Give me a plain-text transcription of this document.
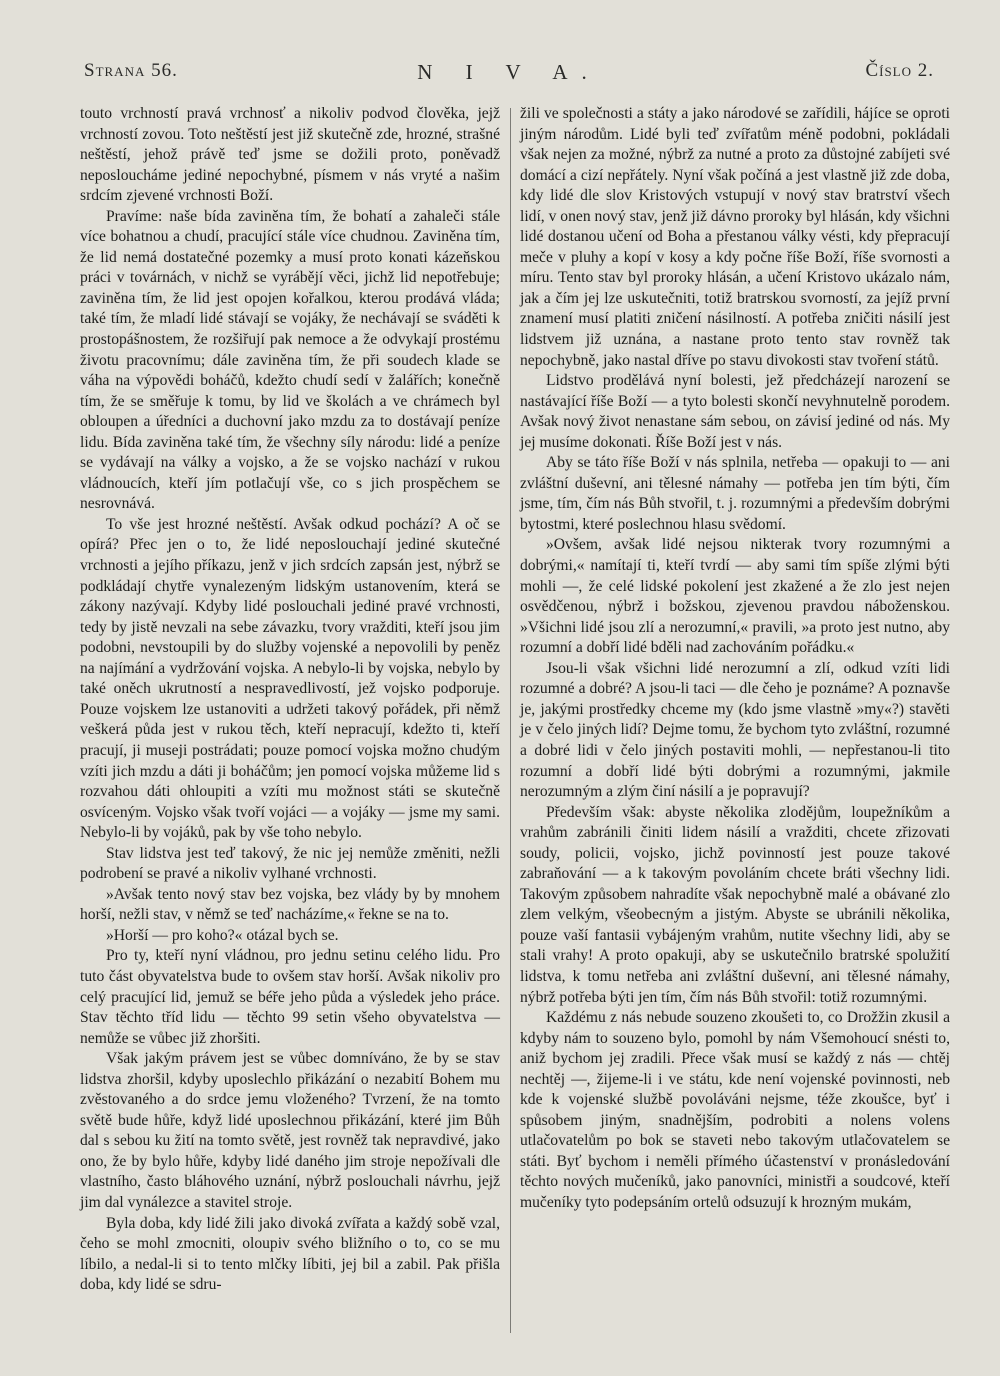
Strana 56.	N I V A.	Číslo 2.

touto vrchností pravá vrchnosť a nikoliv podvod člověka, jejž vrchností zovou. Toto neštěstí jest již skutečně zde, hrozné, strašné neštěstí, jehož právě teď jsme se dožili proto, poněvadž neposloucháme jediné nepochybné, písmem v nás vryté a našim srdcím zjevené vrchnosti Boží.

Pravíme: naše bída zaviněna tím, že bohatí a zahaleči stále více bohatnou a chudí, pracující stále více chudnou. Zaviněna tím, že lid nemá dostatečné pozemky a musí proto konati kázeňskou práci v továrnách, v nichž se vyrábějí věci, jichž lid nepotřebuje; zaviněna tím, že lid jest opojen kořalkou, kterou prodává vláda; také tím, že mladí lidé stávají se vojáky, že nechávají se sváděti k prostopášnostem, že rozšiřují pak nemoce a že odvykají prostému životu pracovnímu; dále zaviněna tím, že při soudech klade se váha na výpovědi boháčů, kdežto chudí sedí v žalářích; konečně tím, že se směřuje k tomu, by lid ve školách a ve chrámech byl obloupen a úředníci a duchovní jako mzdu za to dostávají peníze lidu. Bída zaviněna také tím, že všechny síly národu: lidé a peníze se vydávají na války a vojsko, a že se vojsko nachází v rukou vládnoucích, kteří jím potlačují vše, co s jich prospěchem se nesrovnává.

To vše jest hrozné neštěstí. Avšak odkud pochází? A oč se opírá? Přec jen o to, že lidé neposlouchají jediné skutečné vrchnosti a jejího příkazu, jenž v jich srdcích zapsán jest, nýbrž se podkládají chytře vynalezeným lidským ustanovením, která se zákony nazývají. Kdyby lidé poslouchali jediné pravé vrchnosti, tedy by jistě nevzali na sebe závazku, tvory vražditi, kteří jsou jim podobni, nevstoupili by do služby vojenské a nepovolili by peněz na najímání a vydržování vojska. A nebylo-li by vojska, nebylo by také oněch ukrutností a nespravedlivostí, jež vojsko podporuje. Pouze vojskem lze ustanoviti a udržeti takový pořádek, při němž veškerá půda jest v rukou těch, kteří nepracují, kdežto ti, kteří pracují, ji museji postrádati; pouze pomocí vojska možno chudým vzíti jich mzdu a dáti ji boháčům; jen pomocí vojska můžeme lid s rozvahou dáti ohloupiti a vzíti mu možnost státi se skutečně osvíceným. Vojsko však tvoří vojáci — a vojáky — jsme my sami. Nebylo-li by vojáků, pak by vše toho nebylo.

Stav lidstva jest teď takový, že nic jej nemůže změniti, nežli podrobení se pravé a nikoliv vylhané vrchnosti.

»Avšak tento nový stav bez vojska, bez vlády by by mnohem horší, nežli stav, v němž se teď nacházíme,« řekne se na to.

»Horší — pro koho?« otázal bych se.

Pro ty, kteří nyní vládnou, pro jednu setinu celého lidu. Pro tuto část obyvatelstva bude to ovšem stav horší. Avšak nikoliv pro celý pracující lid, jemuž se béře jeho půda a výsledek jeho práce. Stav těchto tříd lidu — těchto 99 setin všeho obyvatelstva — nemůže se vůbec již zhoršiti.

Však jakým právem jest se vůbec domníváno, že by se stav lidstva zhoršil, kdyby uposlechlo přikázání o nezabití Bohem mu zvěstovaného a do srdce jemu vloženého? Tvrzení, že na tomto světě bude hůře, když lidé uposlechnou přikázání, které jim Bůh dal s sebou ku žití na tomto světě, jest rovněž tak nepravdivé, jako ono, že by bylo hůře, kdyby lidé daného jim stroje nepožívali dle vlastního, často bláhového uznání, nýbrž poslouchali návrhu, jejž jim dal vynálezce a stavitel stroje.

Byla doba, kdy lidé žili jako divoká zvířata a každý sobě vzal, čeho se mohl zmocniti, oloupiv svého bližního o to, co se mu líbilo, a nedal-li si to tento mlčky líbiti, jej bil a zabil. Pak přišla doba, kdy lidé se sdru-

žili ve společnosti a státy a jako národové se zařídili, hájíce se oproti jiným národům. Lidé byli teď zvířatům méně podobni, pokládali však nejen za možné, nýbrž za nutné a proto za důstojné zabíjeti své domácí a cizí nepřátely. Nyní však počíná a jest vlastně již zde doba, kdy lidé dle slov Kristových vstupují v nový stav bratrství všech lidí, v onen nový stav, jenž již dávno proroky byl hlásán, kdy všichni lidé dostanou učení od Boha a přestanou války vésti, kdy přepracují meče v pluhy a kopí v kosy a kdy počne říše Boží, říše svornosti a míru. Tento stav byl proroky hlásán, a učení Kristovo ukázalo nám, jak a čím jej lze uskutečniti, totiž bratrskou svorností, za jejíž první znamení musí platiti zničení násilností. A potřeba zničiti násilí jest lidstvem již uznána, a nastane proto tento stav rovněž tak nepochybně, jako nastal dříve po stavu divokosti stav tvoření států.

Lidstvo prodělává nyní bolesti, jež předcházejí narození se nastávající říše Boží — a tyto bolesti skončí nevyhnutelně porodem. Avšak nový život nenastane sám sebou, on závisí jediné od nás. My jej musíme dokonati. Říše Boží jest v nás.

Aby se táto říše Boží v nás splnila, netřeba — opakuji to — ani zvláštní duševní, ani tělesné námahy — potřeba jen tím býti, čím jsme, tím, čím nás Bůh stvořil, t. j. rozumnými a především dobrými bytostmi, které poslechnou hlasu svědomí.

»Ovšem, avšak lidé nejsou nikterak tvory rozumnými a dobrými,« namítají ti, kteří tvrdí — aby sami tím spíše zlými býti mohli —, že celé lidské pokolení jest zkažené a že zlo jest nejen osvědčenou, nýbrž i božskou, zjevenou pravdou náboženskou. »Všichni lidé jsou zlí a nerozumní,« pravili, »a proto jest nutno, aby rozumní a dobří lidé bděli nad zachováním pořádku.«

Jsou-li však všichni lidé nerozumní a zlí, odkud vzíti lidi rozumné a dobré? A jsou-li taci — dle čeho je poznáme? A poznavše je, jakými prostředky chceme my (kdo jsme vlastně »my«?) stavěti je v čelo jiných lidí? Dejme tomu, že bychom tyto zvláštní, rozumné a dobré lidi v čelo jiných postaviti mohli, — nepřestanou-li tito rozumní a dobří lidé býti dobrými a rozumnými, jakmile nerozumným a zlým činí násilí a je popravují?

Především však: abyste několika zlodějům, loupežníkům a vrahům zabránili činiti lidem násilí a vražditi, chcete zřizovati soudy, policii, vojsko, jichž povinností jest pouze takové zabraňování — a k takovým povoláním chcete bráti všechny lidi. Takovým způsobem nahradíte však nepochybně malé a obávané zlo zlem velkým, všeobecným a jistým. Abyste se ubránili několika, pouze vaší fantasii vybájeným vrahům, nutite všechny lidi, aby se stali vrahy! A proto opakuji, aby se uskutečnilo bratrské spolužití lidstva, k tomu netřeba ani zvláštní duševní, ani tělesné námahy, nýbrž potřeba býti jen tím, čím nás Bůh stvořil: totiž rozumnými.

Každému z nás nebude souzeno zkoušeti to, co Drožžin zkusil a kdyby nám to souzeno bylo, pomohl by nám Všemohoucí snésti to, aniž bychom jej zradili. Přece však musí se každý z nás — chtěj nechtěj —, žijeme-li i ve státu, kde není vojenské povinnosti, neb kde k vojenské službě povoláváni nejsme, téže zkoušce, byť i spůsobem jiným, snadnějším, podrobiti a nolens volens utlačovatelům po bok se staveti nebo takovým utlačovatelem se státi. Byť bychom i neměli přímého účastenství v pronásledování těchto nových mučeníků, jako panovníci, ministři a soudcové, kteří mučeníky tyto podepsáním ortelů odsuzují k hrozným mukám,
